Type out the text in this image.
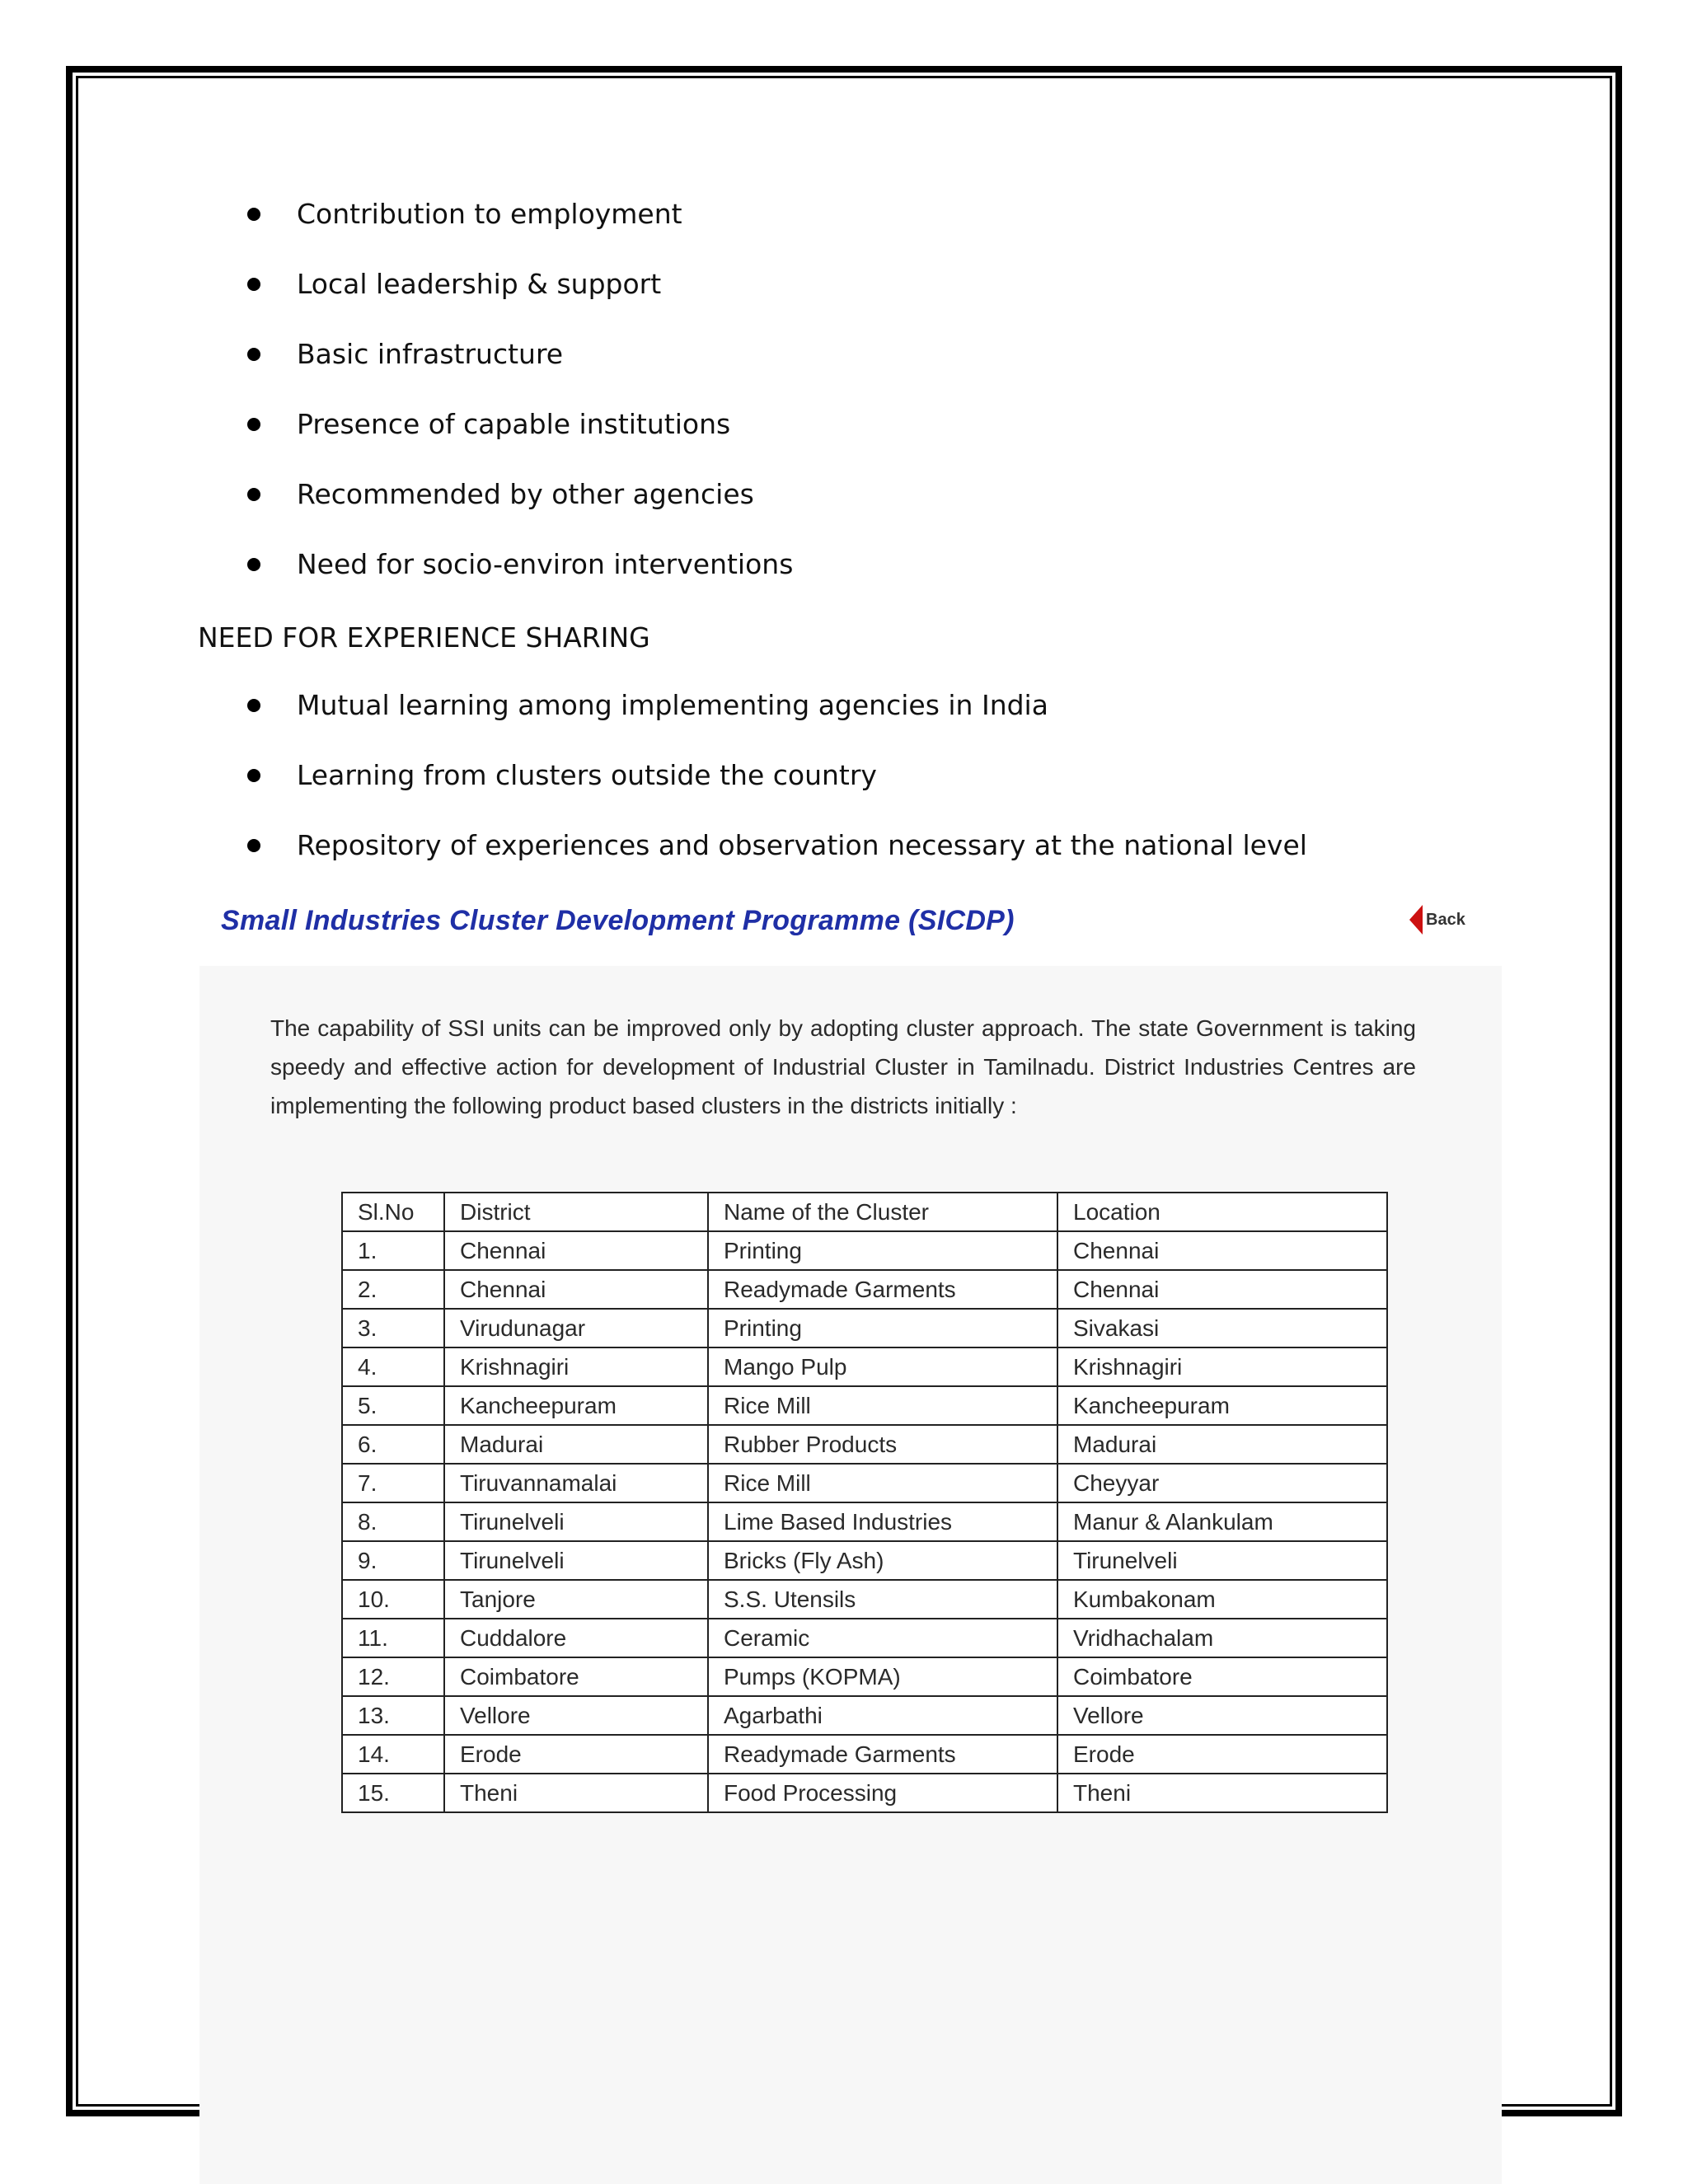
Contribution to employment
Local leadership & support
Basic infrastructure
Presence of capable institutions
Recommended by other agencies
Need for socio-environ interventions
NEED FOR EXPERIENCE SHARING
Mutual learning among implementing agencies in India
Learning from clusters outside the country
Repository of experiences and observation necessary at the national level
Small Industries Cluster Development Programme (SICDP)	Back
The capability of SSI units can be improved only by adopting cluster approach. The state Government is taking speedy and effective action for development of Industrial Cluster in Tamilnadu. District Industries Centres are implementing the following product based clusters in the districts initially :
Sl.No	District	Name of the Cluster	Location
1.	Chennai	Printing	Chennai
2.	Chennai	Readymade Garments	Chennai
3.	Virudunagar	Printing	Sivakasi
4.	Krishnagiri	Mango Pulp	Krishnagiri
5.	Kancheepuram	Rice Mill	Kancheepuram
6.	Madurai	Rubber Products	Madurai
7.	Tiruvannamalai	Rice Mill	Cheyyar
8.	Tirunelveli	Lime Based Industries	Manur & Alankulam
9.	Tirunelveli	Bricks (Fly Ash)	Tirunelveli
10.	Tanjore	S.S. Utensils	Kumbakonam
11.	Cuddalore	Ceramic	Vridhachalam
12.	Coimbatore	Pumps (KOPMA)	Coimbatore
13.	Vellore	Agarbathi	Vellore
14.	Erode	Readymade Garments	Erode
15.	Theni	Food Processing	Theni
